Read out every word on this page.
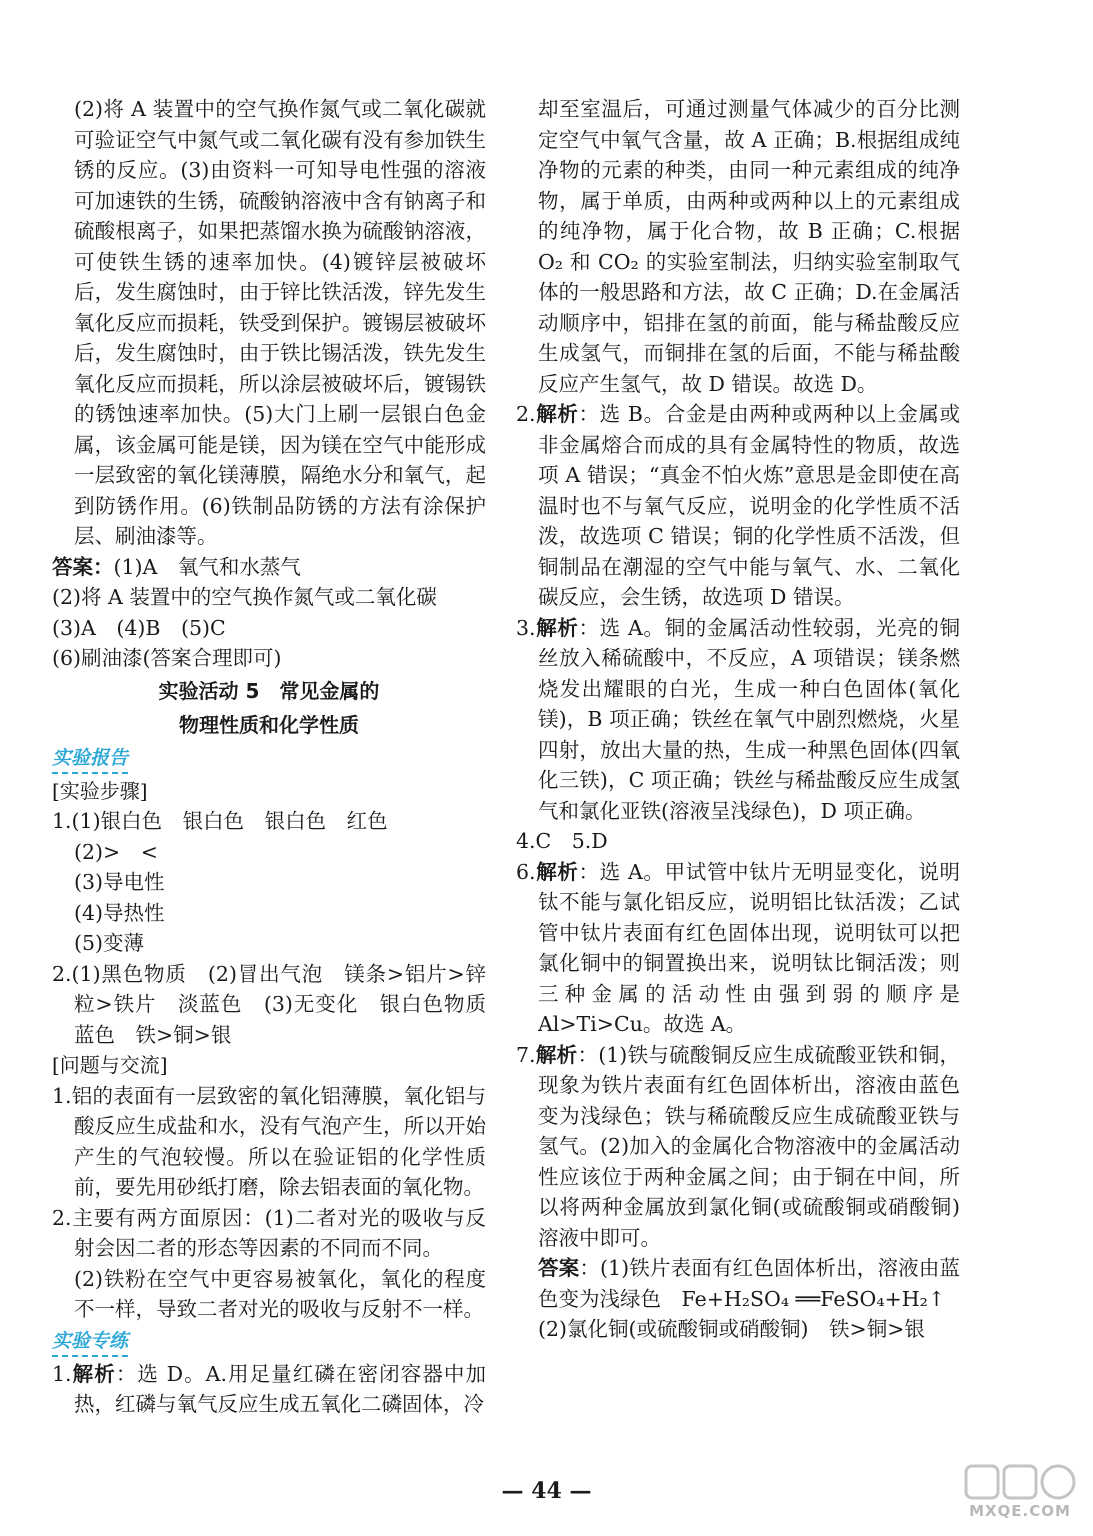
(2)将 A 装置中的空气换作氮气或二氧化碳就可验证空气中氮气或二氧化碳有没有参加铁生锈的反应。(3)由资料一可知导电性强的溶液可加速铁的生锈，硫酸钠溶液中含有钠离子和硫酸根离子，如果把蒸馏水换为硫酸钠溶液，可使铁生锈的速率加快。(4)镀锌层被破坏后，发生腐蚀时，由于锌比铁活泼，锌先发生氧化反应而损耗，铁受到保护。镀锡层被破坏后，发生腐蚀时，由于铁比锡活泼，铁先发生氧化反应而损耗，所以涂层被破坏后，镀锡铁的锈蚀速率加快。(5)大门上刷一层银白色金属，该金属可能是镁，因为镁在空气中能形成一层致密的氧化镁薄膜，隔绝水分和氧气，起到防锈作用。(6)铁制品防锈的方法有涂保护层、刷油漆等。

答案：(1)A　氧气和水蒸气

(2)将 A 装置中的空气换作氮气或二氧化碳

(3)A　(4)B　(5)C

(6)刷油漆(答案合理即可)

实验活动 5　常见金属的
物理性质和化学性质
实验报告

[实验步骤]

1.(1)银白色　银白色　银白色　红色

(2)>　<

(3)导电性

(4)导热性

(5)变薄

2.(1)黑色物质　(2)冒出气泡　镁条>铝片>锌粒>铁片　淡蓝色　(3)无变化　银白色物质　蓝色　铁>铜>银

[问题与交流]

1.铝的表面有一层致密的氧化铝薄膜，氧化铝与酸反应生成盐和水，没有气泡产生，所以开始产生的气泡较慢。所以在验证铝的化学性质前，要先用砂纸打磨，除去铝表面的氧化物。

2.主要有两方面原因：(1)二者对光的吸收与反射会因二者的形态等因素的不同而不同。

(2)铁粉在空气中更容易被氧化，氧化的程度不一样，导致二者对光的吸收与反射不一样。

实验专练

1.解析：选 D。A.用足量红磷在密闭容器中加热，红磷与氧气反应生成五氧化二磷固体，冷

却至室温后，可通过测量气体减少的百分比测定空气中氧气含量，故 A 正确；B.根据组成纯净物的元素的种类，由同一种元素组成的纯净物，属于单质，由两种或两种以上的元素组成的纯净物，属于化合物，故 B 正确；C.根据 O₂ 和 CO₂ 的实验室制法，归纳实验室制取气体的一般思路和方法，故 C 正确；D.在金属活动顺序中，铝排在氢的前面，能与稀盐酸反应生成氢气，而铜排在氢的后面，不能与稀盐酸反应产生氢气，故 D 错误。故选 D。

2.解析：选 B。合金是由两种或两种以上金属或非金属熔合而成的具有金属特性的物质，故选项 A 错误；“真金不怕火炼”意思是金即使在高温时也不与氧气反应，说明金的化学性质不活泼，故选项 C 错误；铜的化学性质不活泼，但铜制品在潮湿的空气中能与氧气、水、二氧化碳反应，会生锈，故选项 D 错误。

3.解析：选 A。铜的金属活动性较弱，光亮的铜丝放入稀硫酸中，不反应，A 项错误；镁条燃烧发出耀眼的白光，生成一种白色固体(氧化镁)，B 项正确；铁丝在氧气中剧烈燃烧，火星四射，放出大量的热，生成一种黑色固体(四氧化三铁)，C 项正确；铁丝与稀盐酸反应生成氢气和氯化亚铁(溶液呈浅绿色)，D 项正确。

4.C　5.D

6.解析：选 A。甲试管中钛片无明显变化，说明钛不能与氯化铝反应，说明铝比钛活泼；乙试管中钛片表面有红色固体出现，说明钛可以把氯化铜中的铜置换出来，说明钛比铜活泼；则三种金属的活动性由强到弱的顺序是 Al>Ti>Cu。故选 A。

7.解析：(1)铁与硫酸铜反应生成硫酸亚铁和铜，现象为铁片表面有红色固体析出，溶液由蓝色变为浅绿色；铁与稀硫酸反应生成硫酸亚铁与氢气。(2)加入的金属化合物溶液中的金属活动性应该位于两种金属之间；由于铜在中间，所以将两种金属放到氯化铜(或硫酸铜或硝酸铜)溶液中即可。

答案：(1)铁片表面有红色固体析出，溶液由蓝色变为浅绿色　Fe+H₂SO₄ ══FeSO₄+H₂↑

(2)氯化铜(或硫酸铜或硝酸铜)　铁>铜>银

— 44 —
MXQE.COM
